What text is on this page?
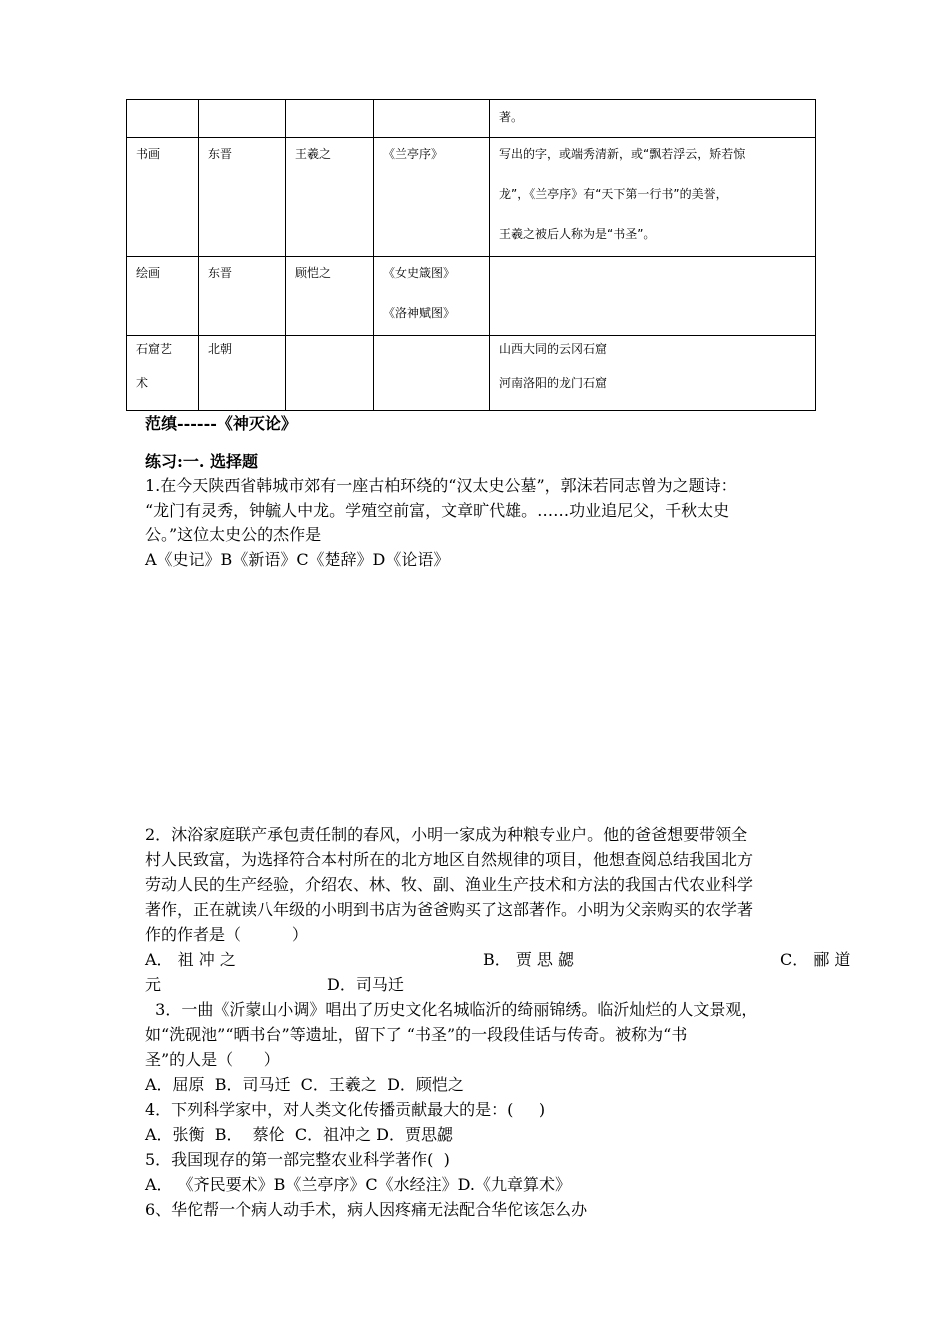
				著。

书画	东晋	王羲之	《兰亭序》	写出的字，或端秀清新，或“飘若浮云，矫若惊
龙”，《兰亭序》有“天下第一行书”的美誉，
王羲之被后人称为是“书圣”。

绘画	东晋	顾恺之	《女史箴图》
《洛神赋图》	

石窟艺
术	北朝			山西大同的云冈石窟
河南洛阳的龙门石窟
范缜------《神灭论》
练习:一. 选择题
1.在今天陕西省韩城市郊有一座古柏环绕的“汉太史公墓”，郭沫若同志曾为之题诗：
“龙门有灵秀，钟毓人中龙。学殖空前富，文章旷代雄。……功业追尼父，千秋太史
公。”这位太史公的杰作是
A《史记》B《新语》C《楚辞》D《论语》
2．沐浴家庭联产承包责任制的春风，小明一家成为种粮专业户。他的爸爸想要带领全
村人民致富，为选择符合本村所在的北方地区自然规律的项目，他想查阅总结我国北方
劳动人民的生产经验，介绍农、林、牧、副、渔业生产技术和方法的我国古代农业科学
著作，正在就读八年级的小明到书店为爸爸购买了这部著作。小明为父亲购买的农学著
作的作者是（          ）
A． 祖 冲 之	B． 贾 思 勰	C． 郦 道
元	D．司马迁
3．一曲《沂蒙山小调》唱出了历史文化名城临沂的绮丽锦绣。临沂灿烂的人文景观，
如“洗砚池”“晒书台”等遗址，留下了 “书圣”的一段段佳话与传奇。被称为“书
圣”的人是（      ）
A．屈原  B．司马迁  C．王羲之  D．顾恺之
4．下列科学家中，对人类文化传播贡献最大的是：(     )
A．张衡  B．  蔡伦  C．祖冲之 D．贾思勰
5．我国现存的第一部完整农业科学著作(  )
A． 《齐民要术》B《兰亭序》C《水经注》D.《九章算术》
6、华佗帮一个病人动手术，病人因疼痛无法配合华佗该怎么办
